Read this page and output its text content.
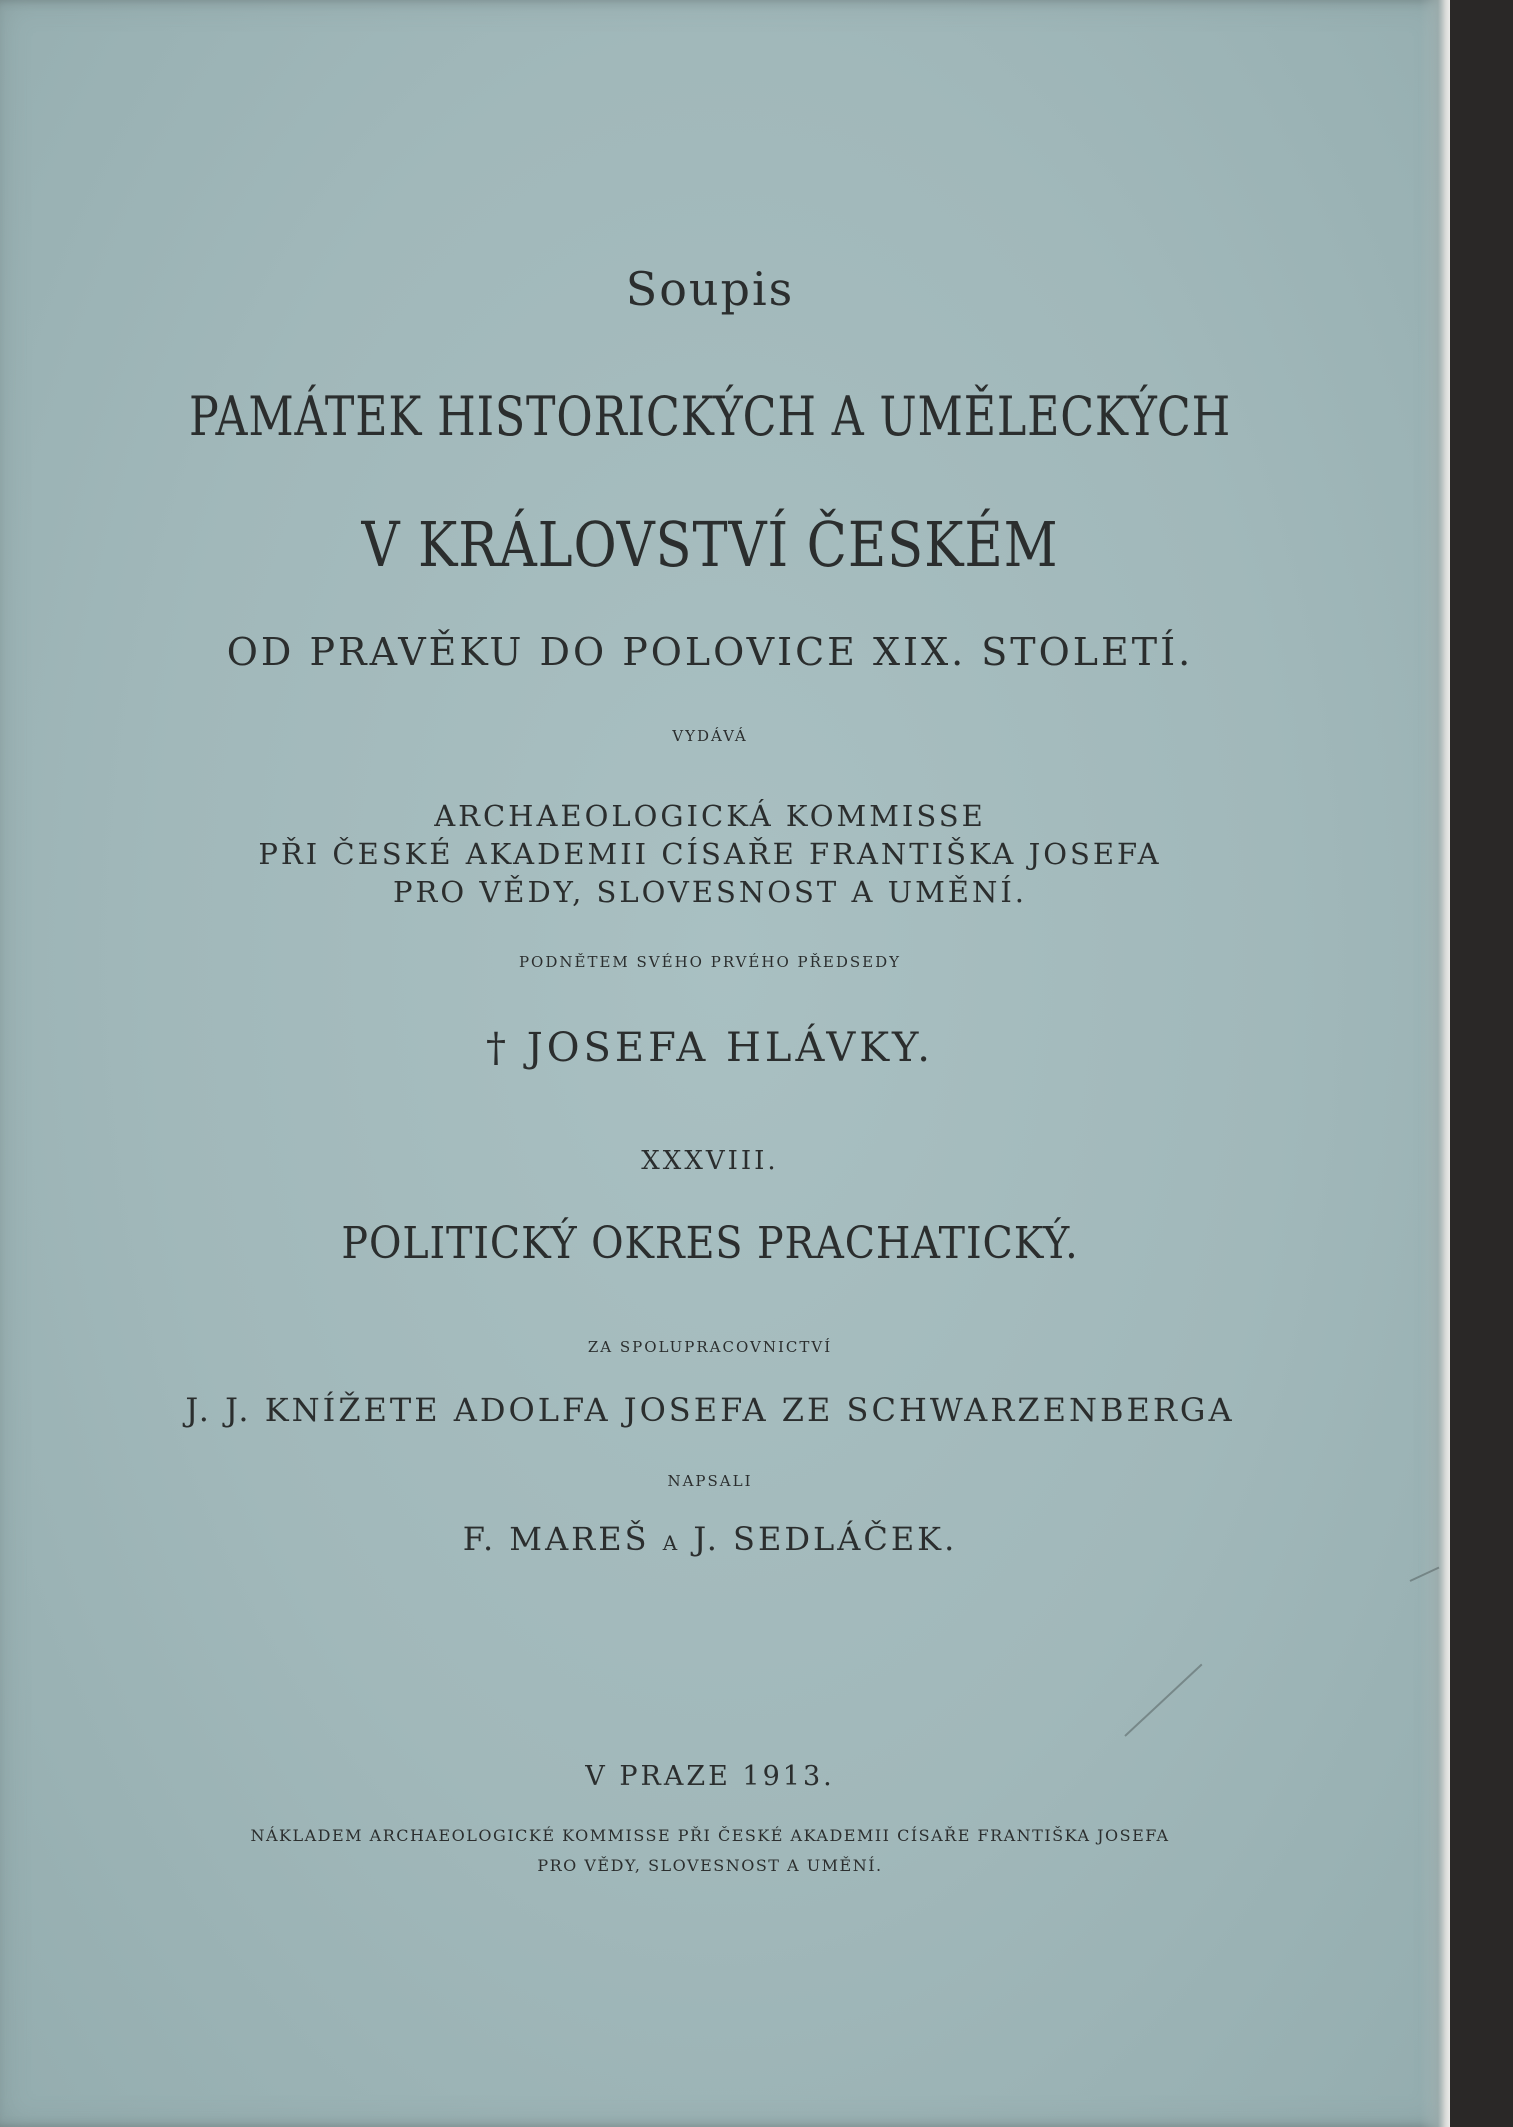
Soupis
PAMÁTEK HISTORICKÝCH A UMĚLECKÝCH
V KRÁLOVSTVÍ ČESKÉM
OD PRAVĚKU DO POLOVICE XIX. STOLETÍ.
VYDÁVÁ
ARCHAEOLOGICKÁ KOMMISSE
PŘI ČESKÉ AKADEMII CÍSAŘE FRANTIŠKA JOSEFA
PRO VĚDY, SLOVESNOST A UMĚNÍ.
PODNĚTEM SVÉHO PRVÉHO PŘEDSEDY
† JOSEFA HLÁVKY.
XXXVIII.
POLITICKÝ OKRES PRACHATICKÝ.
ZA SPOLUPRACOVNICTVÍ
J. J. KNÍŽETE ADOLFA JOSEFA ZE SCHWARZENBERGA
NAPSALI
F. MAREŠ A J. SEDLÁČEK.
V PRAZE 1913.
NÁKLADEM ARCHAEOLOGICKÉ KOMMISSE PŘI ČESKÉ AKADEMII CÍSAŘE FRANTIŠKA JOSEFA
PRO VĚDY, SLOVESNOST A UMĚNÍ.
